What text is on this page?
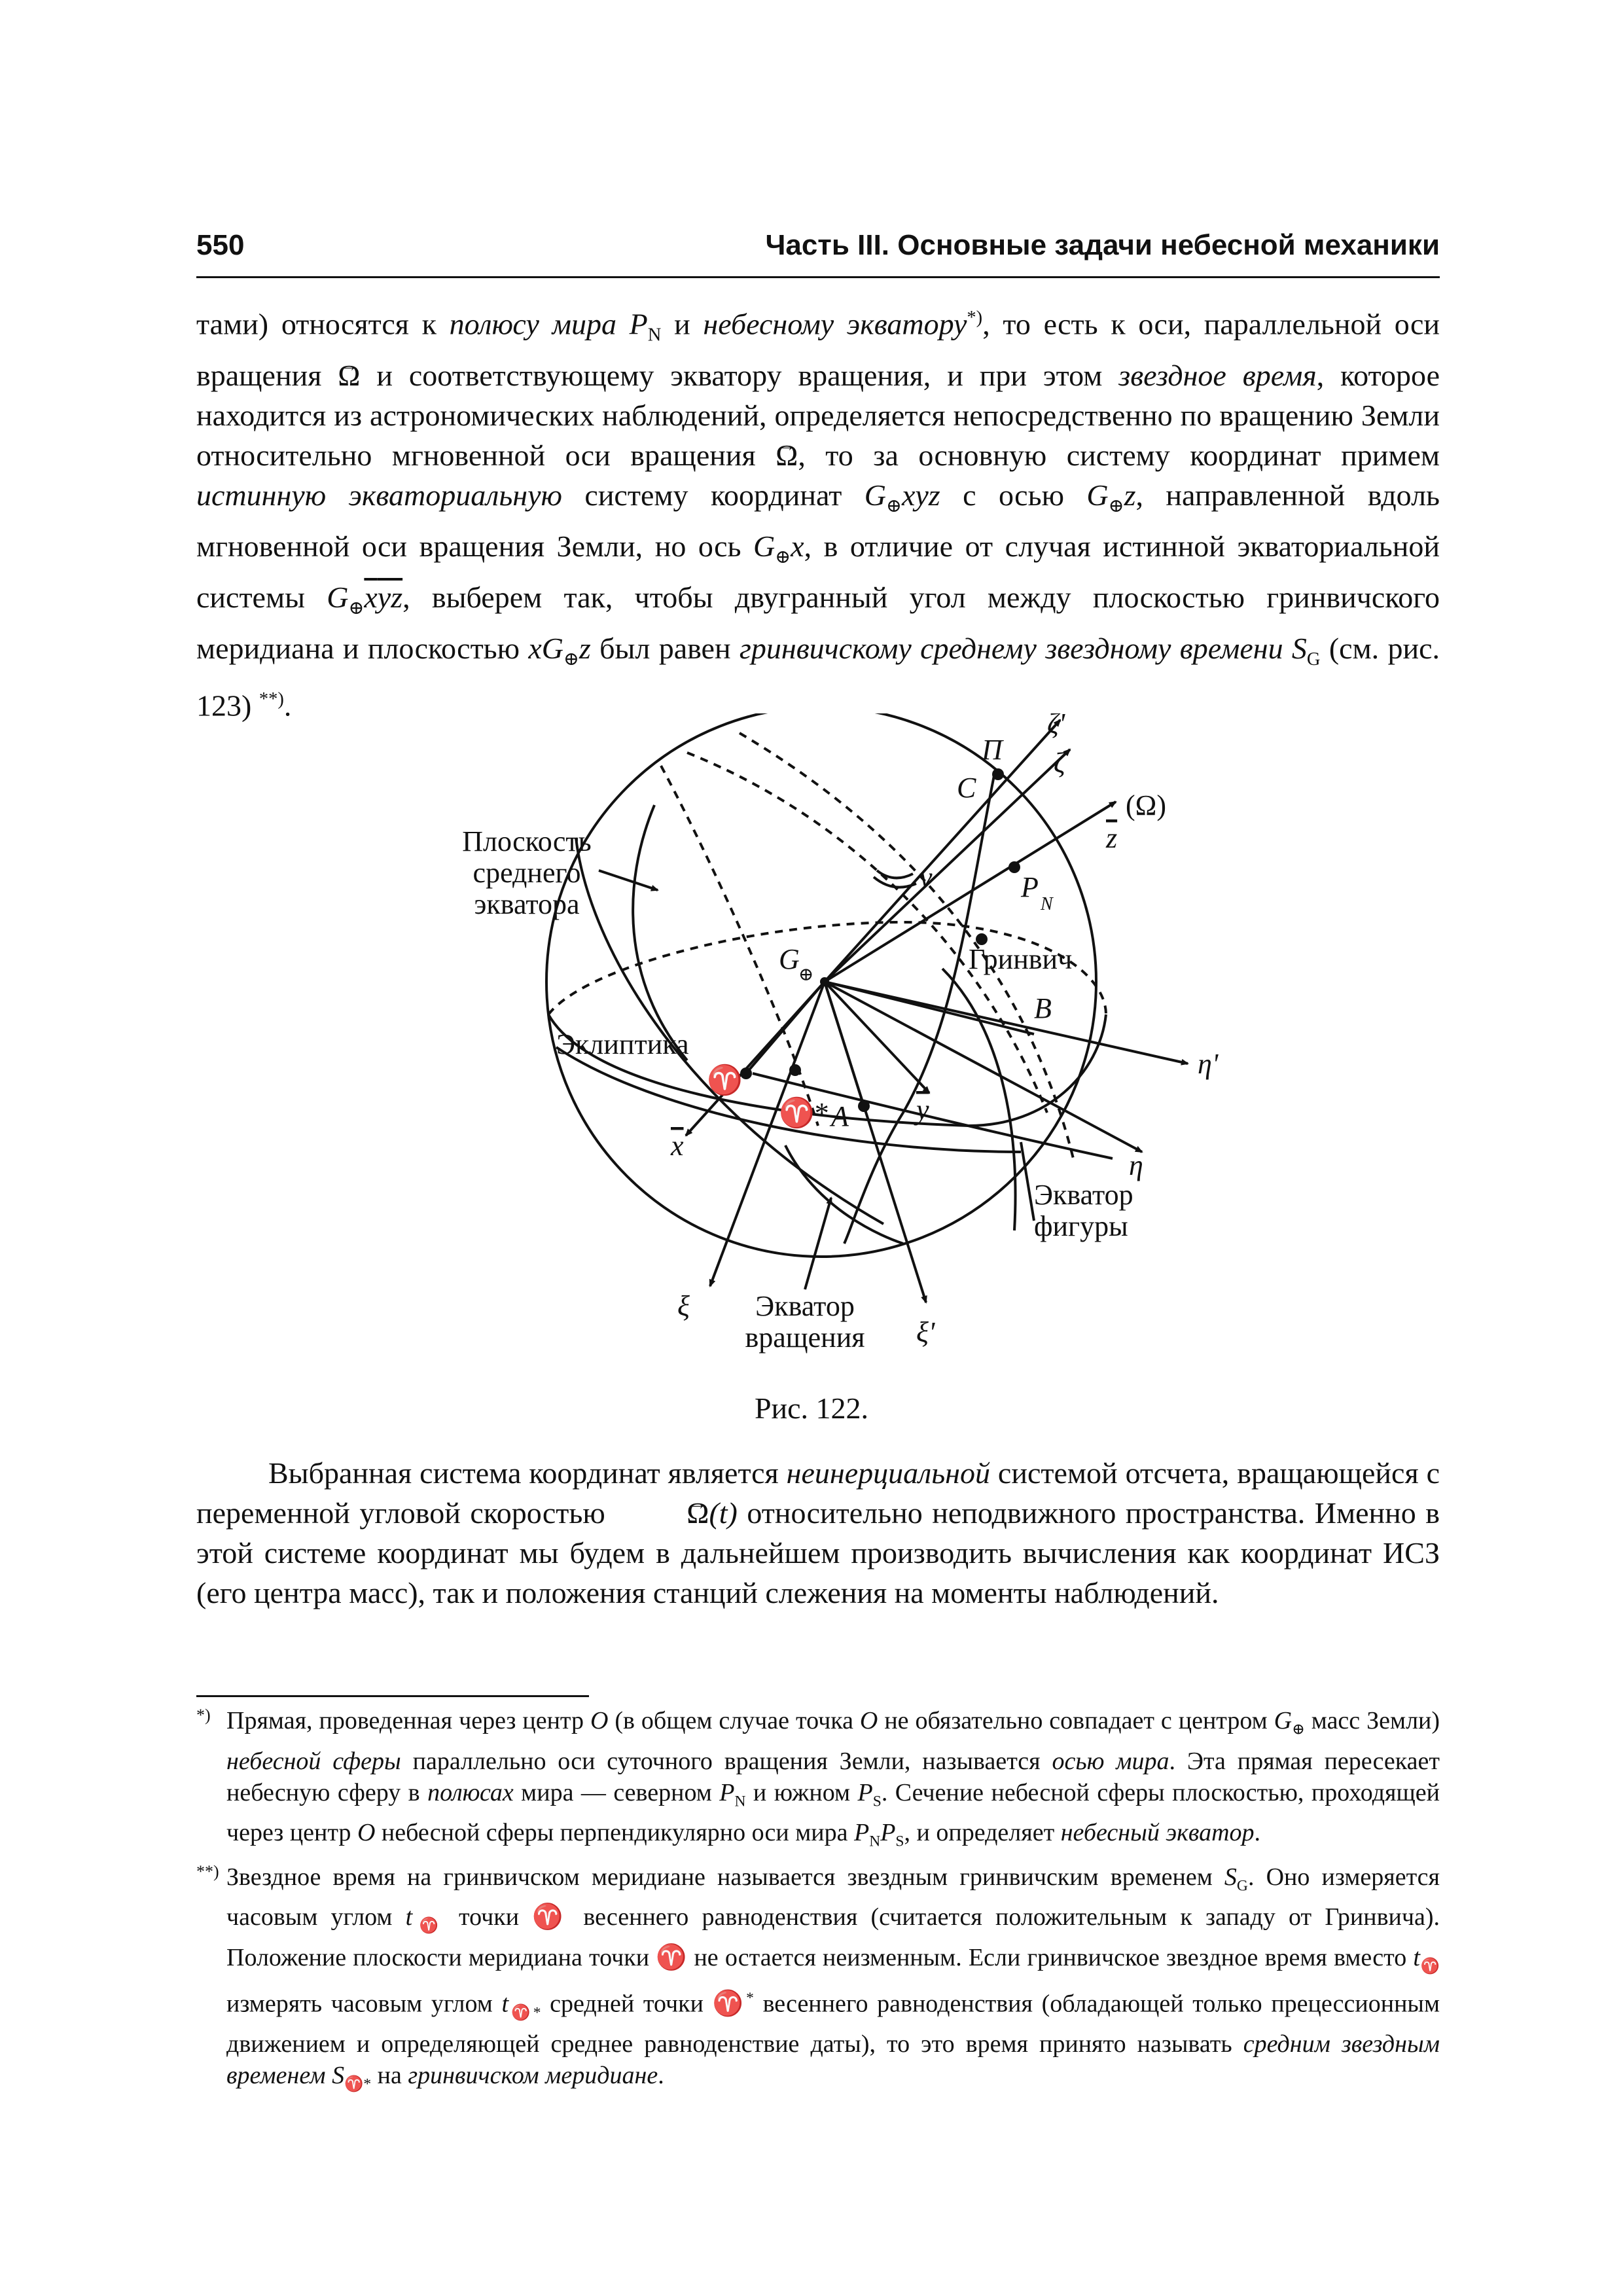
550	Часть III. Основные задачи небесной механики
тами) относятся к полюсу мира $P_N$ и небесному экватору*), то есть к оси, параллельной оси вращения → Ω и соответствующему экватору вращения, и при этом звездное время, которое находится из астрономических наблюдений, определяется непосредственно по вращению Земли относительно мгновенной оси вращения → Ω, то за основную систему координат примем истинную экваториальную систему координат $G_\oplus xyz$ с осью $G_\oplus z$, направленной вдоль мгновенной оси вращения Земли, но ось $G_\oplus x$, в отличие от случая истинной экваториальной системы $G_\oplus\overline{x}\overline{yz}$, выберем так, чтобы двугранный угол между плоскостью гринвичского меридиана и плоскостью $xG_\oplus z$ был равен гринвичскому среднему звездному времени $S_G$ (см. рис. 123) **).
Плоскость
среднего
экватора
П
C
ζ'
ζ
(Ω)
z
ν	P
N
G
⊕	Гринвич
B
η'
Эклиптика
♈
♈* A
x
y
η
Экватор
фигуры
ξ Экватор
вращения ξ'
Рис. 122.
Выбранная система координат является неинерциальной системой отсчета, вращающейся с переменной угловой скоростью → Ω(t) относительно неподвижного пространства. Именно в этой системе координат мы будем в дальнейшем производить вычисления как координат ИСЗ (его центра масс), так и положения станций слежения на моменты наблюдений.
*) Прямая, проведенная через центр O (в общем случае точка O не обязательно совпадает с центром $G_\oplus$ масс Земли) небесной сферы параллельно оси суточного вращения Земли, называется осью мира. Эта прямая пересекает небесную сферу в полюсах мира — северном $P_N$ и южном $P_S$. Сечение небесной сферы плоскостью, проходящей через центр O небесной сферы перпендикулярно оси мира $P_NP_S$, и определяет небесный экватор.
**) Звездное время на гринвичском меридиане называется звездным гринвичским временем $S_G$. Оно измеряется часовым углом $t_♈$ точки ♈ весеннего равноденствия (считается положительным к западу от Гринвича). Положение плоскости меридиана точки ♈ не остается неизменным. Если гринвичское звездное время вместо $t_♈$ измерять часовым углом $t_{♈*}$ средней точки ♈* весеннего равноденствия (обладающей только прецессионным движением и определяющей среднее равноденствие даты), то это время принято называть средним звездным временем $S_{♈*}$ на гринвичском меридиане.
